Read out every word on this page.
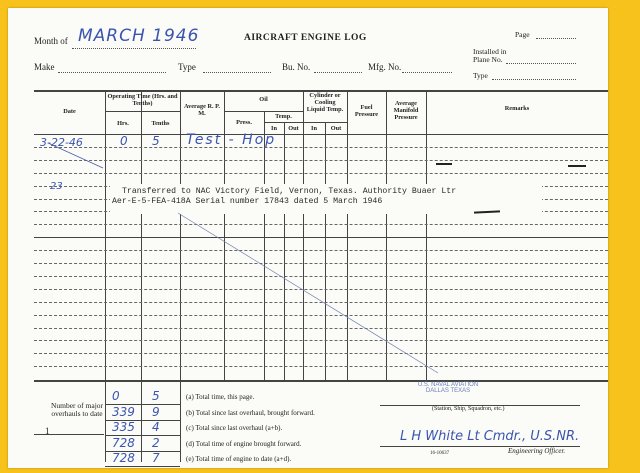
Month of MARCH 1946	AIRCRAFT ENGINE LOG	Page
Make	Type	Bu. No.	Mfg. No.
Installed in
Plane No.
Type
Date
Operating Time (Hrs. and Tenths)
Hrs.	Tenths
Average R. P. M.
Oil
Press.
Temp.
In	Out
Cylinder or Cooling Liquid Temp.
In	Out
Fuel Pressure
Average Manifold Pressure
Remarks
3-22-46	0 5 Test - Hop
23	Transferred to NAC Victory Field, Vernon, Texas. Authority Buaer Ltr
Aer-E-5-FEA-418A Serial number 17843 dated 5 March 1946
Number of major overhauls to date
1
0	5	(a) Total time, this page.
339 9	(b) Total since last overhaul, brought forward.
335 4	(c) Total since last overhaul (a+b).
728 2	(d) Total time of engine brought forward.
728 7	(e) Total time of engine to date (a+d).
U.S. NAVAL AVIATION
DALLAS TEXAS
(Station, Ship, Squadron, etc.)
L H White Lt Cmdr., U.S.NR.
Engineering Officer.
16-10637
